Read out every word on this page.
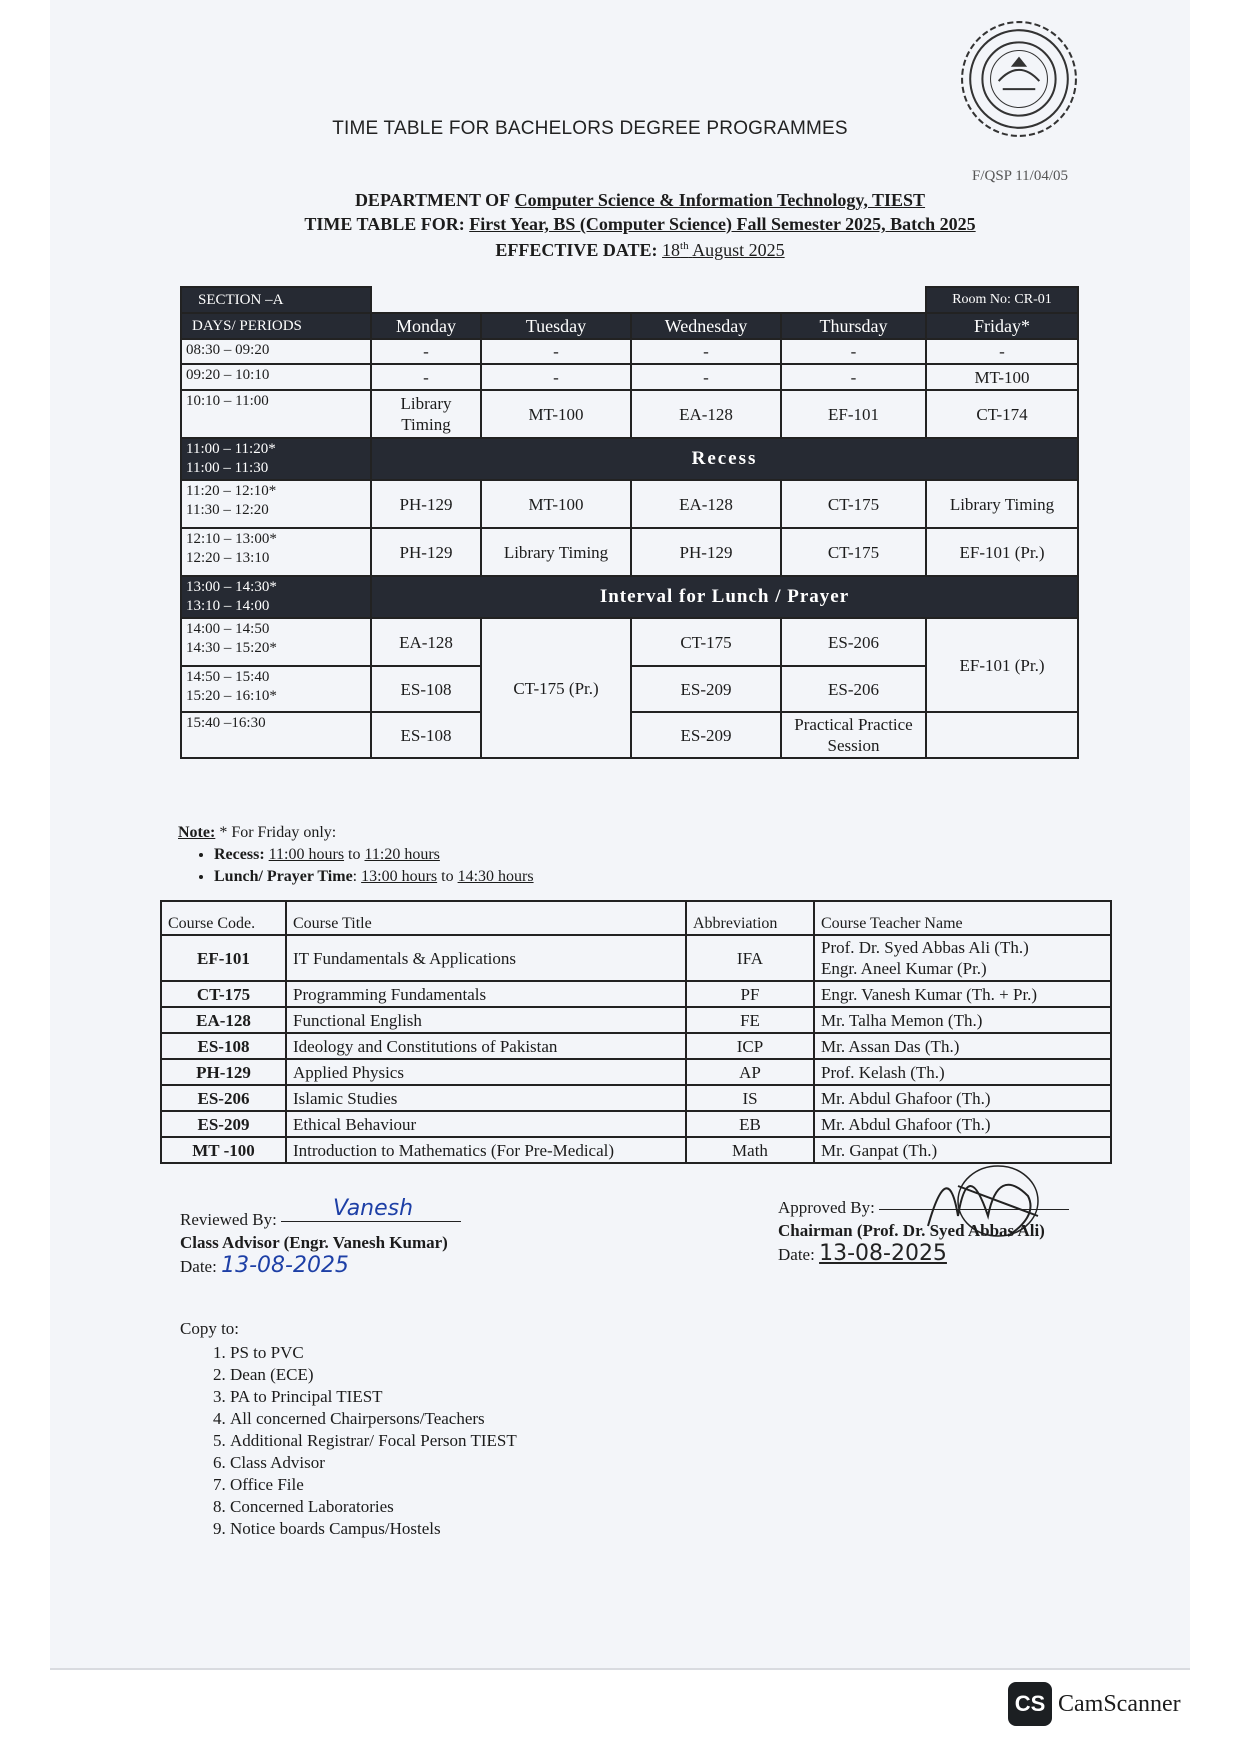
TIME TABLE FOR BACHELORS DEGREE PROGRAMMES
F/QSP 11/04/05
DEPARTMENT OF Computer Science & Information Technology, TIEST
TIME TABLE FOR: First Year, BS (Computer Science) Fall Semester 2025, Batch 2025
EFFECTIVE DATE: 18th August 2025
SECTION –A					Room No: CR-01
DAYS/ PERIODS	Monday	Tuesday	Wednesday	Thursday	Friday*
08:30 – 09:20	-	-	-	-	-
09:20 – 10:10	-	-	-	-	MT-100
10:10 – 11:00	Library Timing	MT-100	EA-128	EF-101	CT-174
11:00 – 11:20*
11:00 – 11:30	Recess				
11:20 – 12:10*
11:30 – 12:20	PH-129	MT-100	EA-128	CT-175	Library Timing
12:10 – 13:00*
12:20 – 13:10	PH-129	Library Timing	PH-129	CT-175	EF-101 (Pr.)
13:00 – 14:30*
13:10 – 14:00	Interval for Lunch / Prayer				
14:00 – 14:50
14:30 – 15:20*	EA-128	CT-175 (Pr.)	CT-175	ES-206	EF-101 (Pr.)
14:50 – 15:40
15:20 – 16:10*	ES-108		ES-209	ES-206	
15:40 –16:30	ES-108		ES-209	Practical Practice Session	
Note: * For Friday only:
• Recess: 11:00 hours to 11:20 hours
• Lunch/ Prayer Time: 13:00 hours to 14:30 hours
Course Code.	Course Title	Abbreviation	Course Teacher Name
EF-101	IT Fundamentals & Applications	IFA	Prof. Dr. Syed Abbas Ali (Th.)
Engr. Aneel Kumar (Pr.)
CT-175	Programming Fundamentals	PF	Engr. Vanesh Kumar (Th. + Pr.)
EA-128	Functional English	FE	Mr. Talha Memon (Th.)
ES-108	Ideology and Constitutions of Pakistan	ICP	Mr. Assan Das (Th.)
PH-129	Applied Physics	AP	Prof. Kelash (Th.)
ES-206	Islamic Studies	IS	Mr. Abdul Ghafoor (Th.)
ES-209	Ethical Behaviour	EB	Mr. Abdul Ghafoor (Th.)
MT -100	Introduction to Mathematics (For Pre-Medical)	Math	Mr. Ganpat (Th.)
Reviewed By:	Vanesh
Class Advisor (Engr. Vanesh Kumar)
Date: 13-08-2025
Approved By:
Chairman (Prof. Dr. Syed Abbas Ali)
Date: 13-08-2025
Copy to:
1. PS to PVC
2. Dean (ECE)
3. PA to Principal TIEST
4. All concerned Chairpersons/Teachers
5. Additional Registrar/ Focal Person TIEST
6. Class Advisor
7. Office File
8. Concerned Laboratories
9. Notice boards Campus/Hostels
CS CamScanner
